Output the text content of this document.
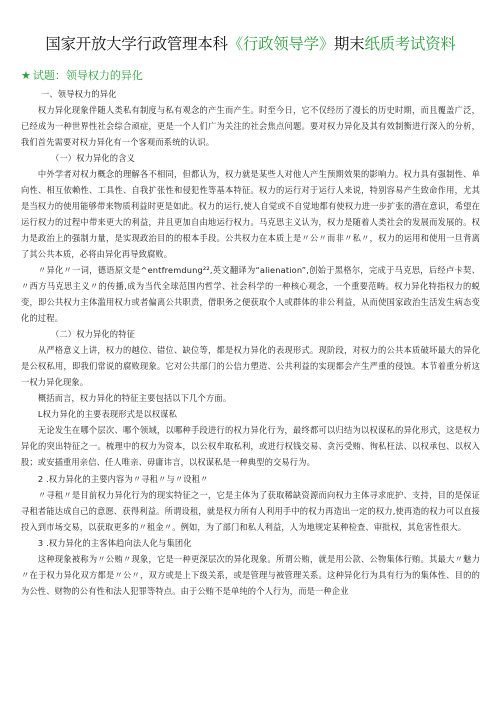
国家开放大学行政管理本科《行政领导学》期末纸质考试资料
★ 试题：领导权力的异化

一、领导权力的异化

权力异化现象伴随人类私有制度与私有观念的产生而产生。时至今日，它不仅经历了漫长的历史时期，而且覆盖广泛，已经成为一种世界性社会综合顽症，更是一个人们广为关注的社会焦点问题。要对权力异化及其有效制衡进行深入的分析，我们首先需要对权力异化有一个客观而系统的认识。

（一）权力异化的含义

中外学者对权力概念的理解各不相同，但都认为，权力就是某些人对他人产生预期效果的影响力。权力具有强制性、单向性、相互依赖性、工具性、自我扩张性和侵犯性等基本特征。权力的运行对于运行人来说，特别容易产生致命作用，尤其是当权力的使用能够带来物质利益时更是如此。权力的运行,使人自觉或不自觉地都有使权力进一步扩张的潜在意识，希望在运行权力的过程中带来更大的利益，并且更加自由地运行权力。马克思主义认为，权力是随着人类社会的发展而发展的。权力是政治上的强制力量，是实现政治目的的根本手段。公共权力在本质上是〃公〃而非〃私〃，权力的运用和使用一旦背离了其公共本质，必将由异化再导致腐败。

〃异化〃一词，德语原文是^entfremdung²²,英文翻译为“alienation”,创始于黑格尔，完成于马克思，后经卢卡契、〃西方马克思主义〃的传播,成为当代全球范围内哲学、社会科学的一种核心观念，一个重要范畴。权力异化特指权力的蜕变，即公共权力主体滥用权力或者偏离公共职责，借职务之便获取个人或群体的非公利益，从而使国家政治生活发生病态变化的过程。

（二）权力异化的特征

从严格意义上讲，权力的越位、错位、缺位等，都是权力异化的表现形式。现阶段，对权力的公共本质破坏最大的异化是公权私用，即我们常说的腐败现象。它对公共部门的公信力塑造、公共利益的实现都会产生严重的侵蚀。本节着重分析这一权力异化现象。

概括而言，权力异化的特征主要包括以下几个方面。

L权力异化的主要表现形式是以权谋私

无论发生在哪个层次、哪个领域，以哪种手段进行的权力异化行为，最终都可以归结为以权谋私的异化形式，这是权力异化的突出特征之一。梳理中的权力为资本，以公权牟取私利，或进行权钱交易、贪污受贿、徇私枉法、以权承包、以权入股；或安插重用亲信、任人唯亲、毋庸讳言，以权谋私是一种典型的交易行为。

2 .权力异化的主要内容为〃寻租〃与〃设租〃

〃寻租〃是目前权力异化行为的现实特征之一，它是主体为了获取稀缺资源而向权力主体寻求庇护、支持，目的是保证寻租者能达成自己的意愿、获得利益。所谓设租，就是权力所有人利用手中的权力再造出一定的权力,使再造的权力可以直接投入到市场交易，以获取更多的〃租金〃。例如，为了部门和私人利益，人为地规定某种检查、审批权，其危害性很大。

3 .权力异化的主客体趋向法人化与集团化

这种现象被称为〃公贿〃现象，它是一种更深层次的异化现象。所谓公贿，就是用公款、公物集体行贿。其最大〃魅力〃在于权力异化双方都是〃公〃，双方或是上下级关系，或是管理与被管理关系。这种异化行为具有行为的集体性、目的的为公性、财物的公有性和法人犯罪等特点。由于公贿不是单纯的个人行为，而是一种企业
